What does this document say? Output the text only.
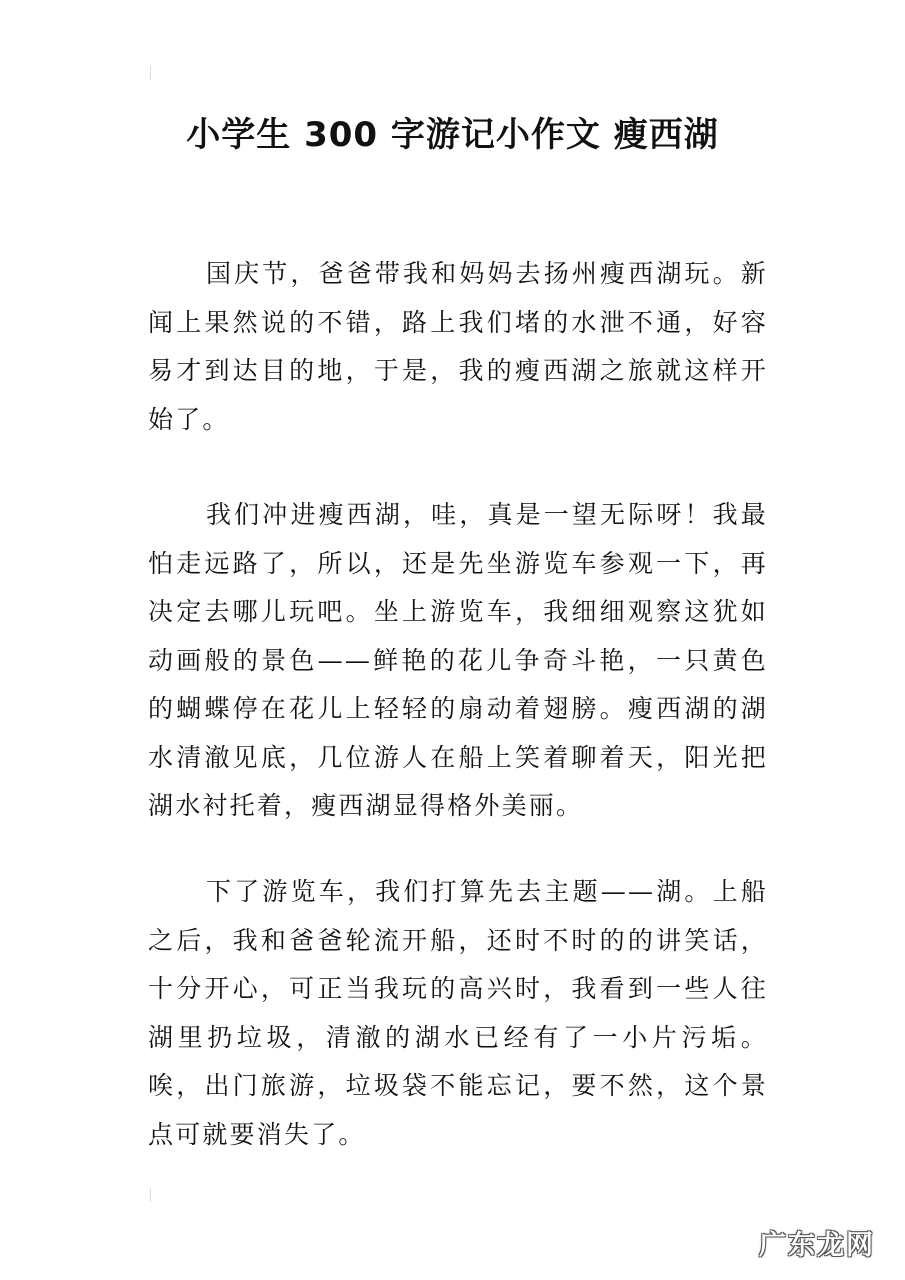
小学生 300 字游记小作文 瘦西湖

国庆节，爸爸带我和妈妈去扬州瘦西湖玩。新闻上果然说的不错，路上我们堵的水泄不通，好容易才到达目的地，于是，我的瘦西湖之旅就这样开始了。

我们冲进瘦西湖，哇，真是一望无际呀！我最怕走远路了，所以，还是先坐游览车参观一下，再决定去哪儿玩吧。坐上游览车，我细细观察这犹如动画般的景色——鲜艳的花儿争奇斗艳，一只黄色的蝴蝶停在花儿上轻轻的扇动着翅膀。瘦西湖的湖水清澈见底，几位游人在船上笑着聊着天，阳光把湖水衬托着，瘦西湖显得格外美丽。

下了游览车，我们打算先去主题——湖。上船之后，我和爸爸轮流开船，还时不时的的讲笑话，十分开心，可正当我玩的高兴时，我看到一些人往湖里扔垃圾，清澈的湖水已经有了一小片污垢。唉，出门旅游，垃圾袋不能忘记，要不然，这个景点可就要消失了。

广东龙网
